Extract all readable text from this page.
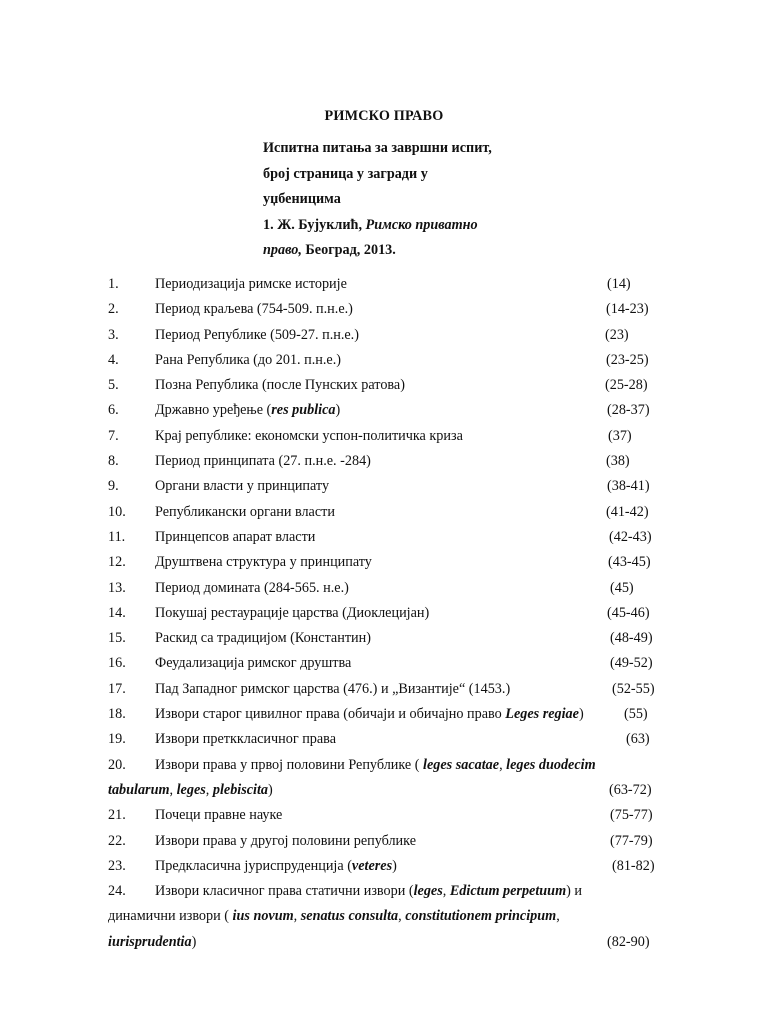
РИМСКО ПРАВО
Испитна питања за завршни испит,
број страница у загради у
уџбеницима
1. Ж. Бујуклић, Римско приватно
право, Београд, 2013.
1.	Периодизација римске историје	(14)
2.	Период краљева (754-509. п.н.е.)	(14-23)
3.	Период Републике (509-27. п.н.е.)	(23)
4.	Рана Република (до 201. п.н.е.)	(23-25)
5.	Позна Република (после Пунских ратова)	(25-28)
6.	Државно уређење (res publica)	(28-37)
7.	Крај републике: економски успон-политичка криза	(37)
8.	Период принципата (27. п.н.е. -284)	(38)
9.	Органи власти у принципату	(38-41)
10. Републикански органи власти	(41-42)
11. Принцепсов апарат власти	(42-43)
12. Друштвена структура у принципату	(43-45)
13. Период домината (284-565. н.е.)	(45)
14. Покушај рестаурације царства (Диоклецијан)	(45-46)
15. Раскид са традицијом (Константин)	(48-49)
16. Феудализација римског друштва	(49-52)
17. Пад Западног римског царства (476.) и „Византије“ (1453.)	(52-55)
18. Извори старог цивилног права (обичаји и обичајно право Leges regiae)	(55)
19. Извори претккласичног права	(63)
20. Извори права у првој половини Републике ( leges sacatae, leges duodecim
tabularum, leges, plebiscita)	(63-72)
21. Почеци правне науке	(75-77)
22. Извори права у другој половини републике	(77-79)
23. Предкласична јуриспруденција (veteres)	(81-82)
24. Извори класичног права статични извори (leges, Edictum perpetuum) и
динамични извори ( ius novum, senatus consulta, constitutionem principum,
iurisprudentia)	(82-90)
